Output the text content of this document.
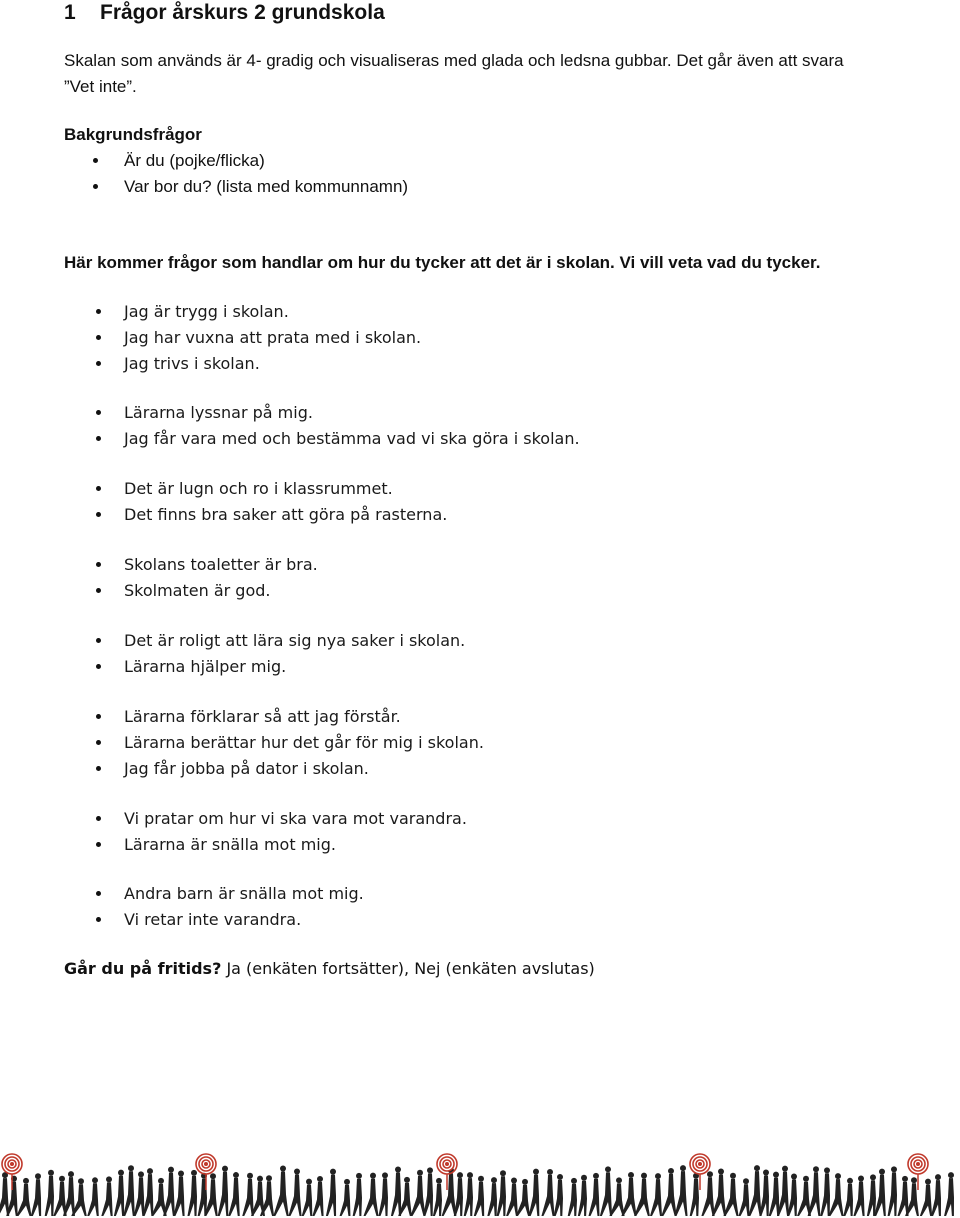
1 Frågor årskurs 2 grundskola
Skalan som används är 4- gradig och visualiseras med glada och ledsna gubbar. Det går även att svara
”Vet inte”.
Bakgrundsfrågor
Är du (pojke/flicka)
Var bor du? (lista med kommunnamn)
Här kommer frågor som handlar om hur du tycker att det är i skolan. Vi vill veta vad du tycker.
Jag är trygg i skolan.
Jag har vuxna att prata med i skolan.
Jag trivs i skolan.
Lärarna lyssnar på mig.
Jag får vara med och bestämma vad vi ska göra i skolan.
Det är lugn och ro i klassrummet.
Det finns bra saker att göra på rasterna.
Skolans toaletter är bra.
Skolmaten är god.
Det är roligt att lära sig nya saker i skolan.
Lärarna hjälper mig.
Lärarna förklarar så att jag förstår.
Lärarna berättar hur det går för mig i skolan.
Jag får jobba på dator i skolan.
Vi pratar om hur vi ska vara mot varandra.
Lärarna är snälla mot mig.
Andra barn är snälla mot mig.
Vi retar inte varandra.
Går du på fritids? Ja (enkäten fortsätter), Nej (enkäten avslutas)
